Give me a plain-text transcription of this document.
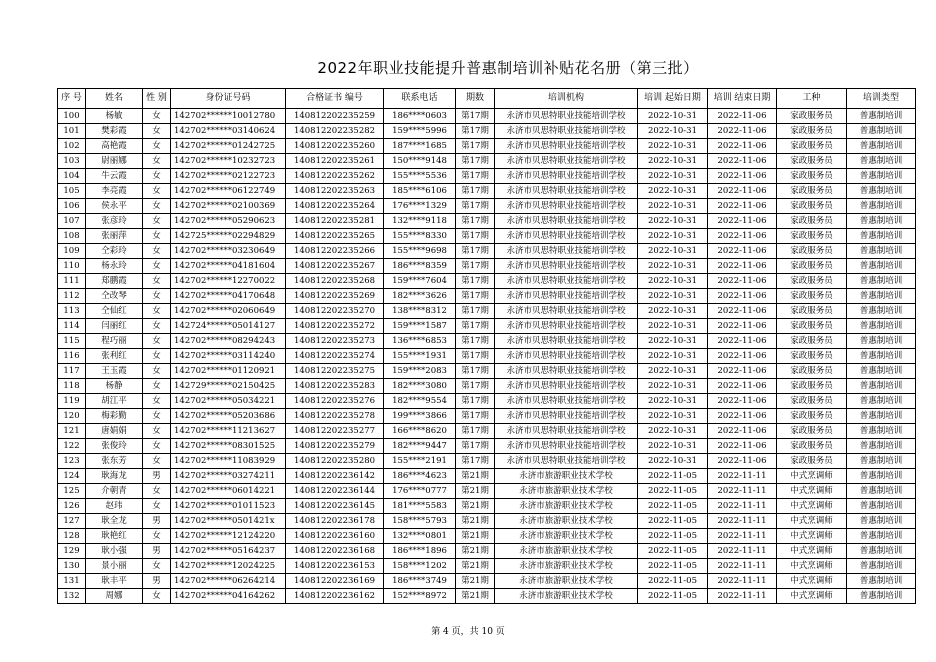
2022年职业技能提升普惠制培训补贴花名册（第三批）
序 号	姓名	性 别	身份证号码	合格证书 编号	联系电话	期数	培训机构	培训 起始日期	培训 结束日期	工种	培训类型
100	杨敏	女	142702******10012780	140812202235259	186****0603	第17期	永济市贝思特职业技能培训学校	2022-10-31	2022-11-06	家政服务员	普惠制培训
101	樊彩霞	女	142702******03140624	140812202235282	159****5996	第17期	永济市贝思特职业技能培训学校	2022-10-31	2022-11-06	家政服务员	普惠制培训
102	高艳霞	女	142702******01242725	140812202235260	187****1685	第17期	永济市贝思特职业技能培训学校	2022-10-31	2022-11-06	家政服务员	普惠制培训
103	尉丽娜	女	142702******10232723	140812202235261	150****9148	第17期	永济市贝思特职业技能培训学校	2022-10-31	2022-11-06	家政服务员	普惠制培训
104	牛云霞	女	142702******02122723	140812202235262	155****5536	第17期	永济市贝思特职业技能培训学校	2022-10-31	2022-11-06	家政服务员	普惠制培训
105	李亮霞	女	142702******06122749	140812202235263	185****6106	第17期	永济市贝思特职业技能培训学校	2022-10-31	2022-11-06	家政服务员	普惠制培训
106	侯永平	女	142702******02100369	140812202235264	176****1329	第17期	永济市贝思特职业技能培训学校	2022-10-31	2022-11-06	家政服务员	普惠制培训
107	张彦玲	女	142702******05290623	140812202235281	132****9118	第17期	永济市贝思特职业技能培训学校	2022-10-31	2022-11-06	家政服务员	普惠制培训
108	张丽萍	女	142725******02294829	140812202235265	155****8330	第17期	永济市贝思特职业技能培训学校	2022-10-31	2022-11-06	家政服务员	普惠制培训
109	仝彩玲	女	142702******03230649	140812202235266	155****9698	第17期	永济市贝思特职业技能培训学校	2022-10-31	2022-11-06	家政服务员	普惠制培训
110	杨永玲	女	142702******04181604	140812202235267	186****8359	第17期	永济市贝思特职业技能培训学校	2022-10-31	2022-11-06	家政服务员	普惠制培训
111	郑鹏霞	女	142702******12270022	140812202235268	159****7604	第17期	永济市贝思特职业技能培训学校	2022-10-31	2022-11-06	家政服务员	普惠制培训
112	仝改琴	女	142702******04170648	140812202235269	182****3626	第17期	永济市贝思特职业技能培训学校	2022-10-31	2022-11-06	家政服务员	普惠制培训
113	仝仙红	女	142702******02060649	140812202235270	138****8312	第17期	永济市贝思特职业技能培训学校	2022-10-31	2022-11-06	家政服务员	普惠制培训
114	闫丽红	女	142724******05014127	140812202235272	159****1587	第17期	永济市贝思特职业技能培训学校	2022-10-31	2022-11-06	家政服务员	普惠制培训
115	程巧丽	女	142702******08294243	140812202235273	136****6853	第17期	永济市贝思特职业技能培训学校	2022-10-31	2022-11-06	家政服务员	普惠制培训
116	张利红	女	142702******03114240	140812202235274	155****1931	第17期	永济市贝思特职业技能培训学校	2022-10-31	2022-11-06	家政服务员	普惠制培训
117	王玉霞	女	142702******01120921	140812202235275	159****2083	第17期	永济市贝思特职业技能培训学校	2022-10-31	2022-11-06	家政服务员	普惠制培训
118	杨静	女	142729******02150425	140812202235283	182****3080	第17期	永济市贝思特职业技能培训学校	2022-10-31	2022-11-06	家政服务员	普惠制培训
119	胡江平	女	142702******05034221	140812202235276	182****9554	第17期	永济市贝思特职业技能培训学校	2022-10-31	2022-11-06	家政服务员	普惠制培训
120	梅彩勤	女	142702******05203686	140812202235278	199****3866	第17期	永济市贝思特职业技能培训学校	2022-10-31	2022-11-06	家政服务员	普惠制培训
121	唐娟娟	女	142702******11213627	140812202235277	166****8620	第17期	永济市贝思特职业技能培训学校	2022-10-31	2022-11-06	家政服务员	普惠制培训
122	张俊玲	女	142702******08301525	140812202235279	182****9447	第17期	永济市贝思特职业技能培训学校	2022-10-31	2022-11-06	家政服务员	普惠制培训
123	张东芳	女	142702******11083929	140812202235280	155****2191	第17期	永济市贝思特职业技能培训学校	2022-10-31	2022-11-06	家政服务员	普惠制培训
124	耿海龙	男	142702******03274211	140812202236142	186****4623	第21期	永济市旅游职业技术学校	2022-11-05	2022-11-11	中式烹调师	普惠制培训
125	介朝青	女	142702******06014221	140812202236144	176****0777	第21期	永济市旅游职业技术学校	2022-11-05	2022-11-11	中式烹调师	普惠制培训
126	赵玮	女	142702******01011523	140812202236145	181****5583	第21期	永济市旅游职业技术学校	2022-11-05	2022-11-11	中式烹调师	普惠制培训
127	耿全龙	男	142702******0501421x	140812202236178	158****5793	第21期	永济市旅游职业技术学校	2022-11-05	2022-11-11	中式烹调师	普惠制培训
128	耿艳红	女	142702******12124220	140812202236160	132****0801	第21期	永济市旅游职业技术学校	2022-11-05	2022-11-11	中式烹调师	普惠制培训
129	耿小强	男	142702******05164237	140812202236168	186****1896	第21期	永济市旅游职业技术学校	2022-11-05	2022-11-11	中式烹调师	普惠制培训
130	景小丽	女	142702******12024225	140812202236153	158****1202	第21期	永济市旅游职业技术学校	2022-11-05	2022-11-11	中式烹调师	普惠制培训
131	耿丰平	男	142702******06264214	140812202236169	186****3749	第21期	永济市旅游职业技术学校	2022-11-05	2022-11-11	中式烹调师	普惠制培训
132	周娜	女	142702******04164262	140812202236162	152****8972	第21期	永济市旅游职业技术学校	2022-11-05	2022-11-11	中式烹调师	普惠制培训
第 4 页，共 10 页
